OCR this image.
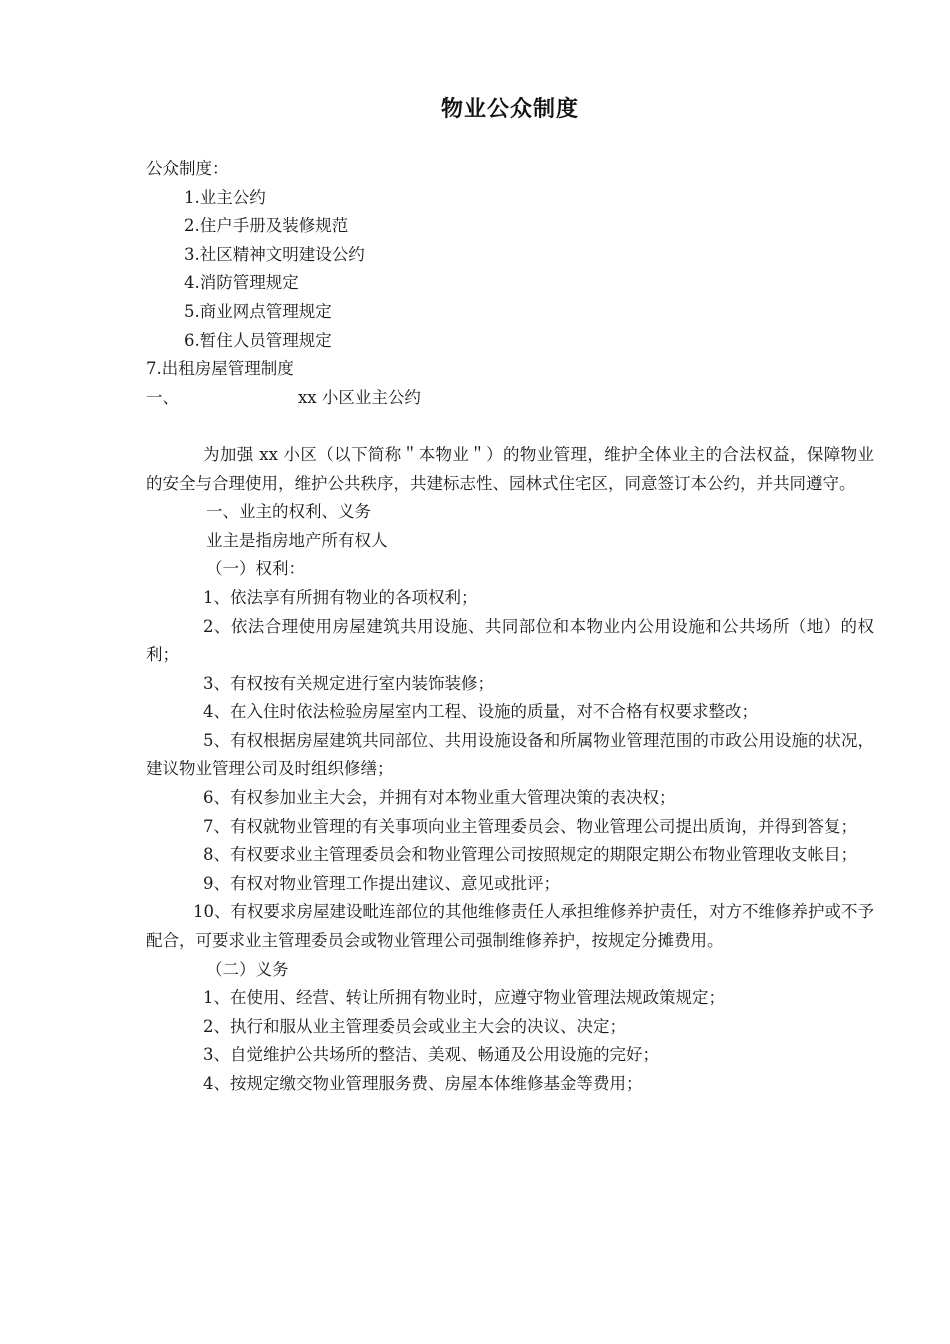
物业公众制度
公众制度：
1.业主公约
2.住户手册及装修规范
3.社区精神文明建设公约
4.消防管理规定
5.商业网点管理规定
6.暂住人员管理规定
7.出租房屋管理制度
一、	xx 小区业主公约
为加强 xx 小区（以下简称＂本物业＂）的物业管理，维护全体业主的合法权益，保障物业的安全与合理使用，维护公共秩序，共建标志性、园林式住宅区，同意签订本公约，并共同遵守。
一、业主的权利、义务
业主是指房地产所有权人
（一）权利：
1、依法享有所拥有物业的各项权利；
2、依法合理使用房屋建筑共用设施、共同部位和本物业内公用设施和公共场所（地）的权利；
3、有权按有关规定进行室内装饰装修；
4、在入住时依法检验房屋室内工程、设施的质量，对不合格有权要求整改；
5、有权根据房屋建筑共同部位、共用设施设备和所属物业管理范围的市政公用设施的状况，建议物业管理公司及时组织修缮；
6、有权参加业主大会，并拥有对本物业重大管理决策的表决权；
7、有权就物业管理的有关事项向业主管理委员会、物业管理公司提出质询，并得到答复；
8、有权要求业主管理委员会和物业管理公司按照规定的期限定期公布物业管理收支帐目；
9、有权对物业管理工作提出建议、意见或批评；
10、有权要求房屋建设毗连部位的其他维修责任人承担维修养护责任，对方不维修养护或不予配合，可要求业主管理委员会或物业管理公司强制维修养护，按规定分摊费用。
（二）义务
1、在使用、经营、转让所拥有物业时，应遵守物业管理法规政策规定；
2、执行和服从业主管理委员会或业主大会的决议、决定；
3、自觉维护公共场所的整洁、美观、畅通及公用设施的完好；
4、按规定缴交物业管理服务费、房屋本体维修基金等费用；
